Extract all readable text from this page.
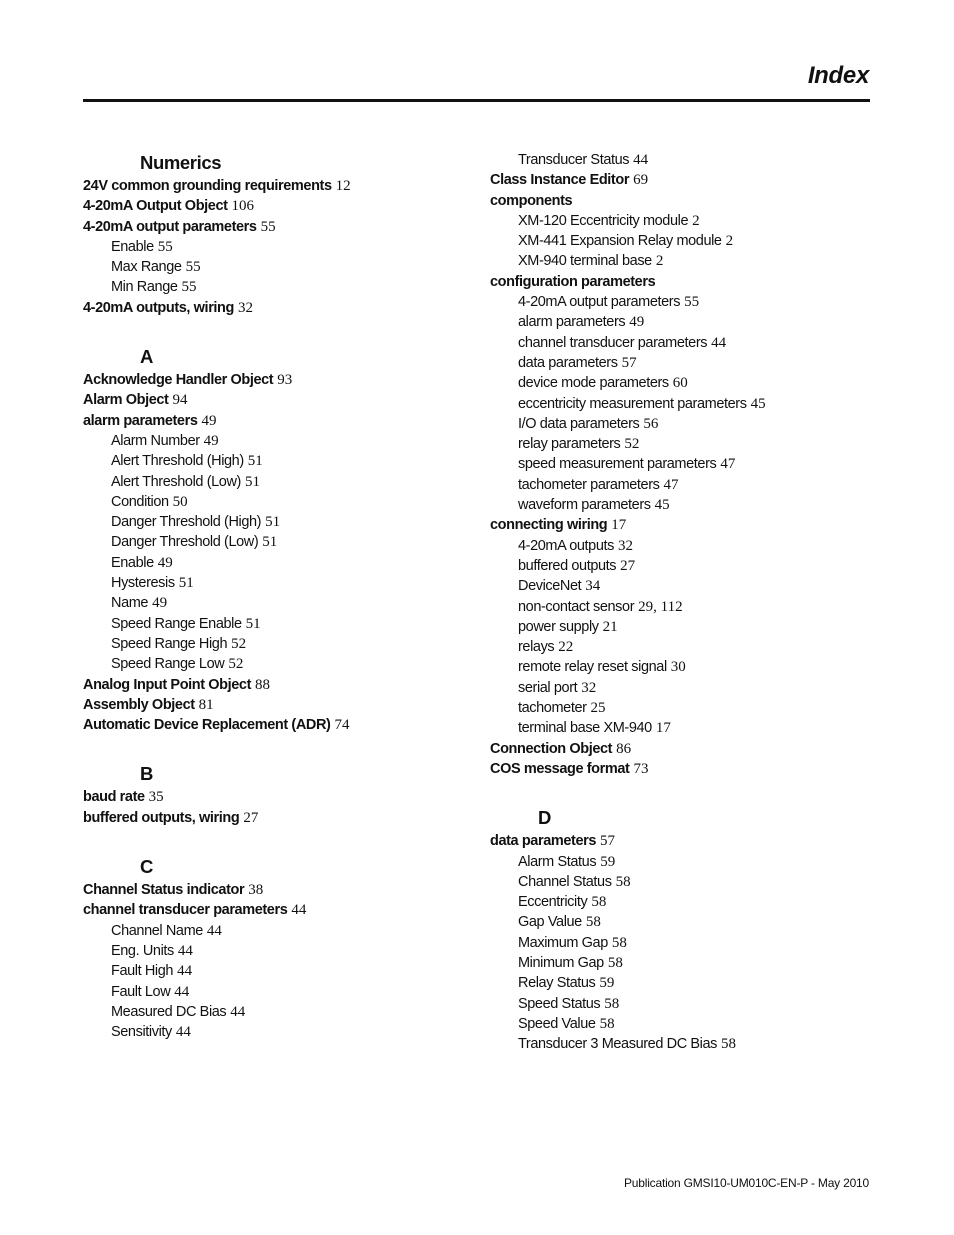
Index
Numerics
24V common grounding requirements 12
4-20mA Output Object 106
4-20mA output parameters 55
Enable 55
Max Range 55
Min Range 55
4-20mA outputs, wiring 32
A
Acknowledge Handler Object 93
Alarm Object 94
alarm parameters 49
Alarm Number 49
Alert Threshold (High) 51
Alert Threshold (Low) 51
Condition 50
Danger Threshold (High) 51
Danger Threshold (Low) 51
Enable 49
Hysteresis 51
Name 49
Speed Range Enable 51
Speed Range High 52
Speed Range Low 52
Analog Input Point Object 88
Assembly Object 81
Automatic Device Replacement (ADR) 74
B
baud rate 35
buffered outputs, wiring 27
C
Channel Status indicator 38
channel transducer parameters 44
Channel Name 44
Eng. Units 44
Fault High 44
Fault Low 44
Measured DC Bias 44
Sensitivity 44
Transducer Status 44
Class Instance Editor 69
components
XM-120 Eccentricity module 2
XM-441 Expansion Relay module 2
XM-940 terminal base 2
configuration parameters
4-20mA output parameters 55
alarm parameters 49
channel transducer parameters 44
data parameters 57
device mode parameters 60
eccentricity measurement parameters 45
I/O data parameters 56
relay parameters 52
speed measurement parameters 47
tachometer parameters 47
waveform parameters 45
connecting wiring 17
4-20mA outputs 32
buffered outputs 27
DeviceNet 34
non-contact sensor 29, 112
power supply 21
relays 22
remote relay reset signal 30
serial port 32
tachometer 25
terminal base XM-940 17
Connection Object 86
COS message format 73
D
data parameters 57
Alarm Status 59
Channel Status 58
Eccentricity 58
Gap Value 58
Maximum Gap 58
Minimum Gap 58
Relay Status 59
Speed Status 58
Speed Value 58
Transducer 3 Measured DC Bias 58
Publication GMSI10-UM010C-EN-P - May 2010
